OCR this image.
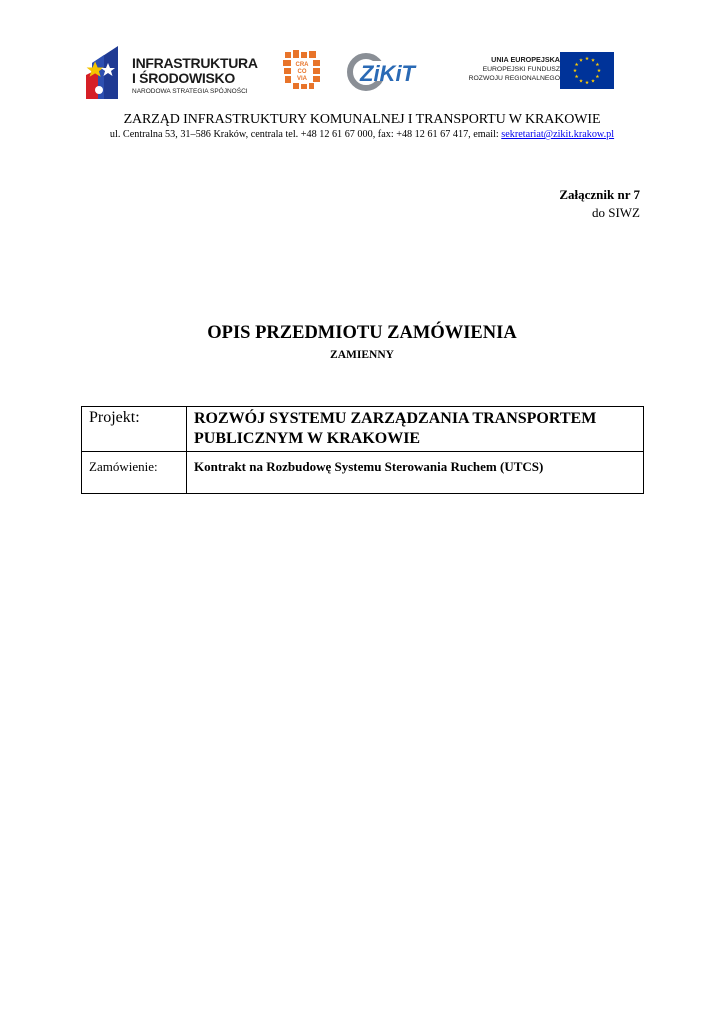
INFRASTRUKTURA
I ŚRODOWISKO
NARODOWA STRATEGIA SPÓJNOŚCI
CRA
CO
VIA ZiKiT
UNIA EUROPEJSKA
EUROPEJSKI FUNDUSZ
ROZWOJU REGIONALNEGO
ZARZĄD INFRASTRUKTURY KOMUNALNEJ I TRANSPORTU W KRAKOWIE
ul. Centralna 53, 31–586 Kraków, centrala tel. +48 12 61 67 000, fax: +48 12 61 67 417, email: sekretariat@zikit.krakow.pl
Załącznik nr 7
do SIWZ
OPIS PRZEDMIOTU ZAMÓWIENIA
ZAMIENNY
Projekt:	ROZWÓJ SYSTEMU ZARZĄDZANIA TRANSPORTEM
PUBLICZNYM W KRAKOWIE

Zamówienie:	Kontrakt na Rozbudowę Systemu Sterowania Ruchem (UTCS)
